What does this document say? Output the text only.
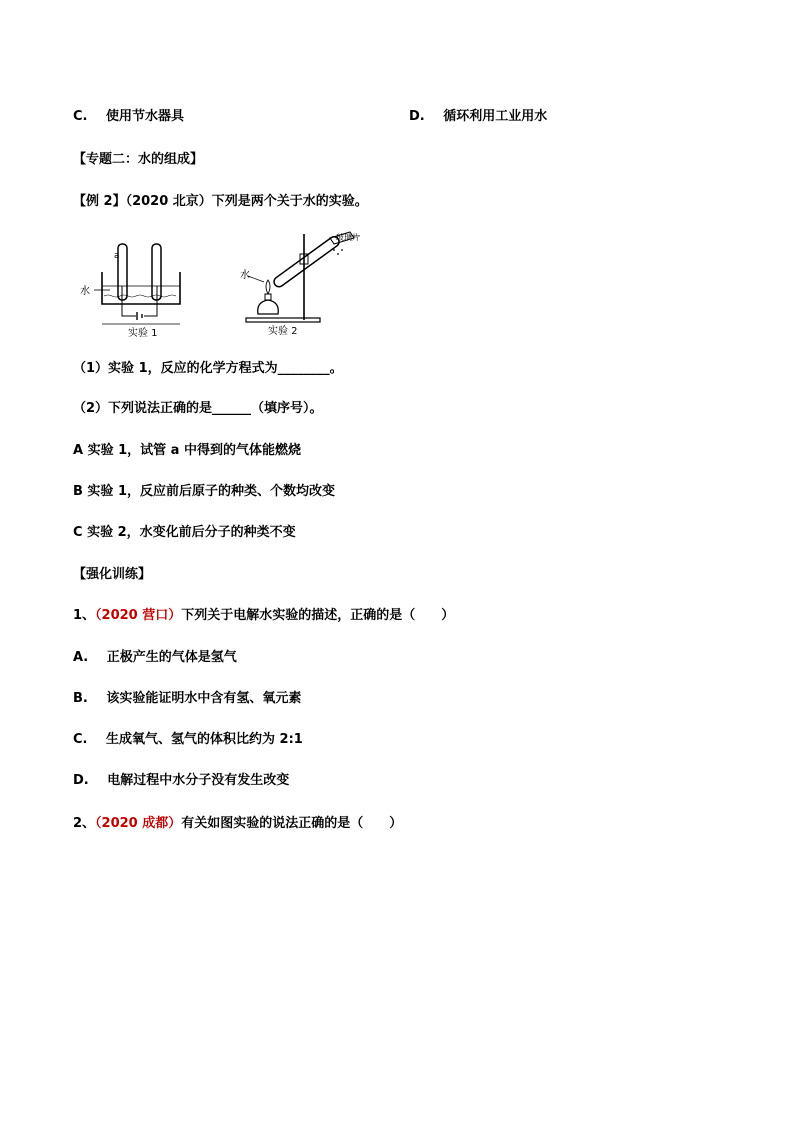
C. 使用节水器具	D. 循环利用工业用水
【专题二：水的组成】
【例 2】（2020 北京）下列是两个关于水的实验。
a
水
实验 1
水
玻璃片
实验 2
（1）实验 1，反应的化学方程式为________。
（2）下列说法正确的是______（填序号）。
A 实验 1，试管 a 中得到的气体能燃烧
B 实验 1，反应前后原子的种类、个数均改变
C 实验 2，水变化前后分子的种类不变
【强化训练】
1、（2020 营口）下列关于电解水实验的描述，正确的是（　　）
A. 正极产生的气体是氢气
B. 该实验能证明水中含有氢、氧元素
C. 生成氧气、氢气的体积比约为 2:1
D. 电解过程中水分子没有发生改变
2、（2020 成都）有关如图实验的说法正确的是（　　）
